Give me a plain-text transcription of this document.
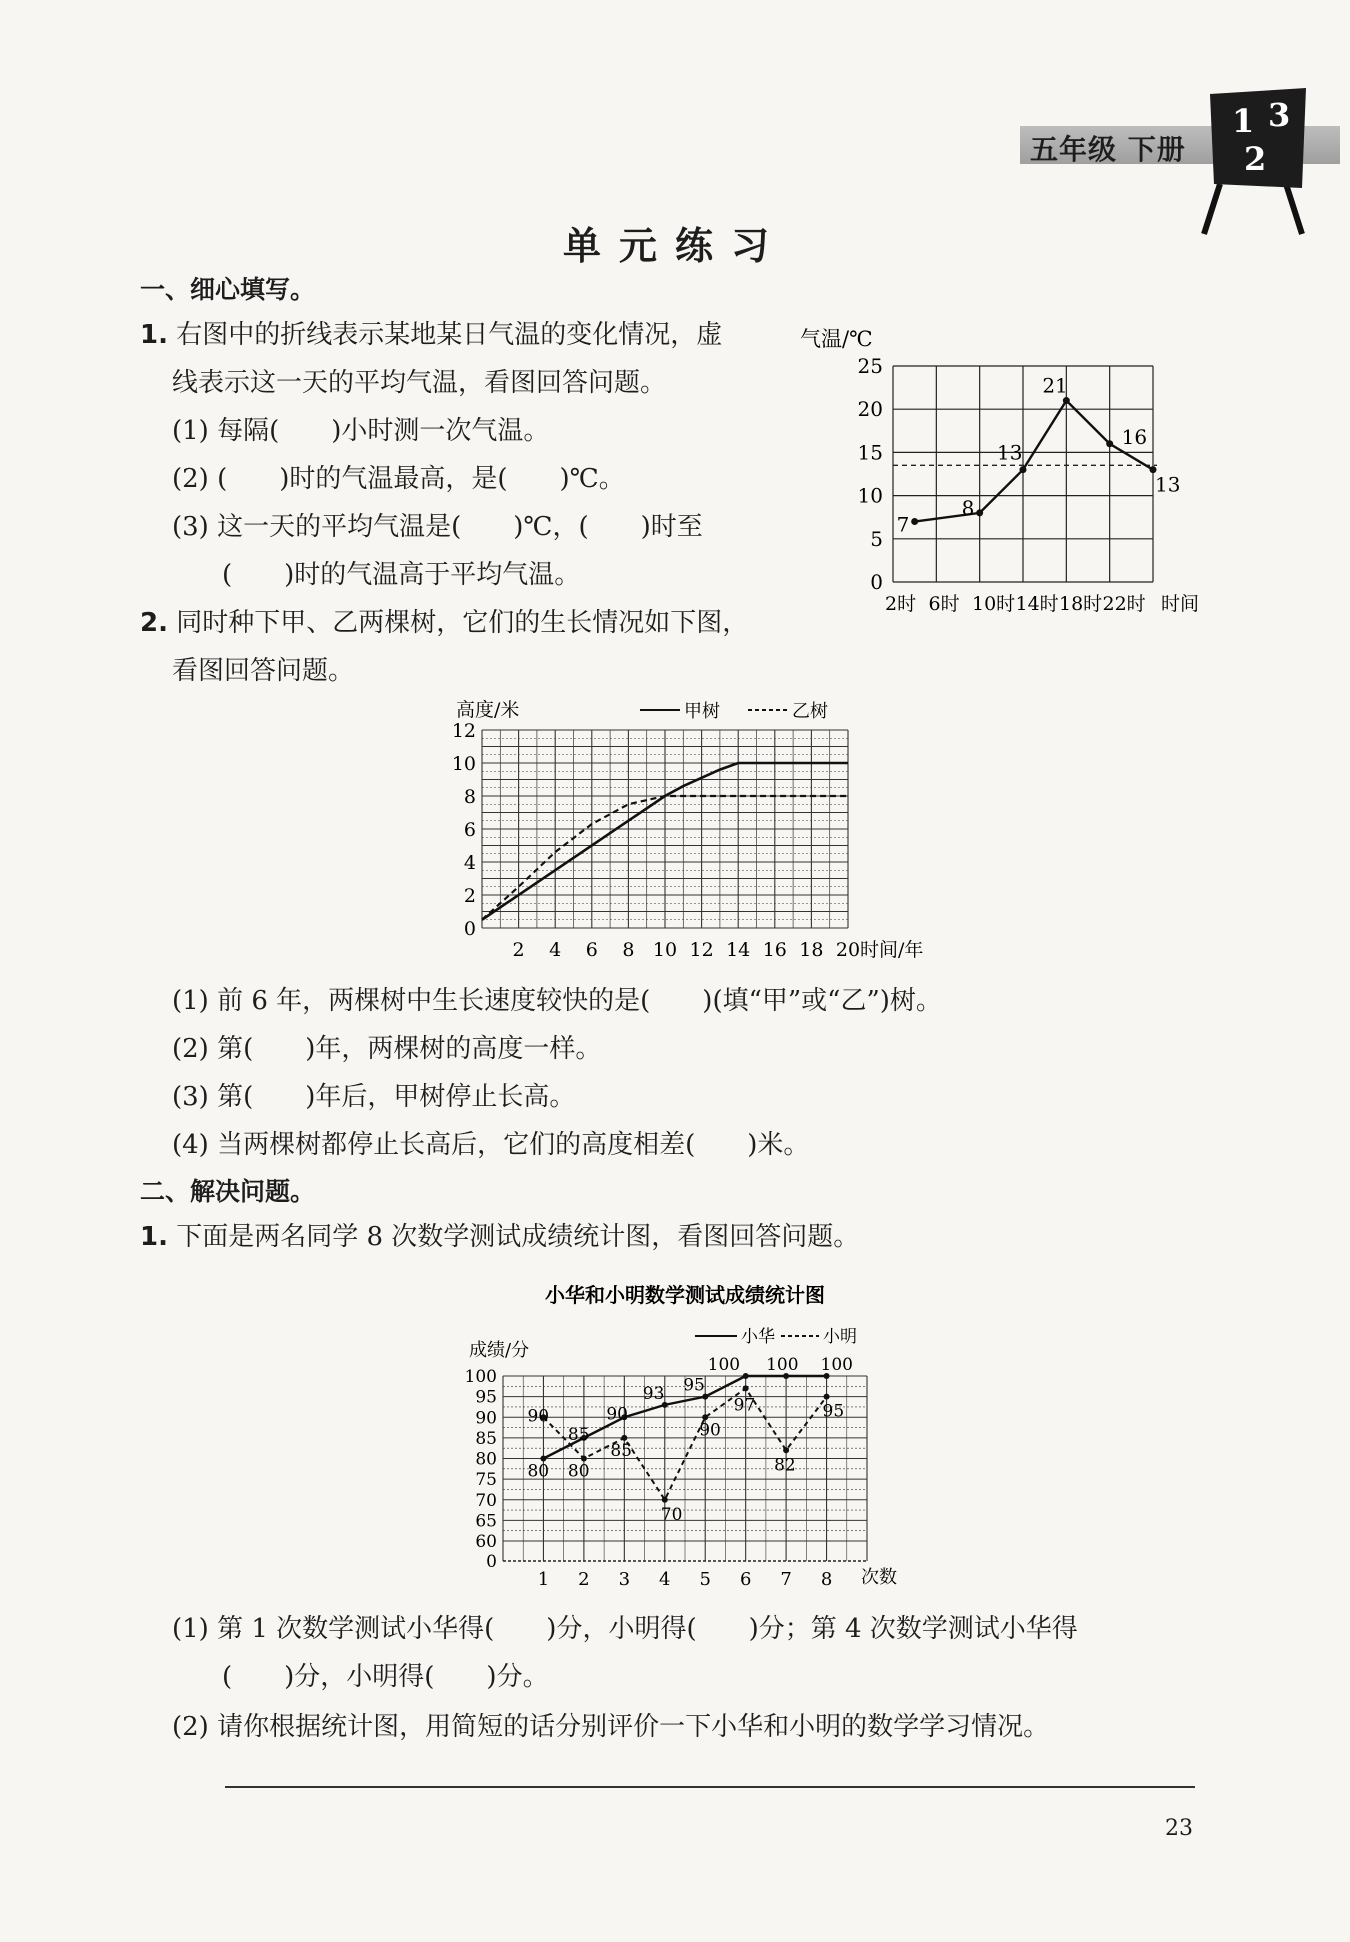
五年级 下册
1 3
2
单元练习
一、细心填写。
1. 右图中的折线表示某地某日气温的变化情况，虚
线表示这一天的平均气温，看图回答问题。
(1) 每隔(　　)小时测一次气温。
(2) (　　)时的气温最高，是(　　)℃。
(3) 这一天的平均气温是(　　)℃，(　　)时至
(　　)时的气温高于平均气温。	0
5
10
15
20
25
气温/℃
7
8
13
21
16
13
2时 6时 10时 14时 18时 22时 时间
2. 同时种下甲、乙两棵树，它们的生长情况如下图，
看图回答问题。
0
2
4
6
8
10
12
2 4 6 8 10 12 14 16 18 20 时间/年
高度/米	甲树	乙树
(1) 前 6 年，两棵树中生长速度较快的是(　　)(填“甲”或“乙”)树。
(2) 第(　　)年，两棵树的高度一样。
(3) 第(　　)年后，甲树停止长高。
(4) 当两棵树都停止长高后，它们的高度相差(　　)米。
二、解决问题。
1. 下面是两名同学 8 次数学测试成绩统计图，看图回答问题。
小华和小明数学测试成绩统计图
0
60
65
70
75
80
85
90
95
100
1 2 3 4 5 6 7 8 次数
成绩/分
小华	小明
80
85
90
93 95
100 100 100
90
80
85
70
90
97
82
95
(1) 第 1 次数学测试小华得(　　)分，小明得(　　)分；第 4 次数学测试小华得
(　　)分，小明得(　　)分。
(2) 请你根据统计图，用简短的话分别评价一下小华和小明的数学学习情况。
23
